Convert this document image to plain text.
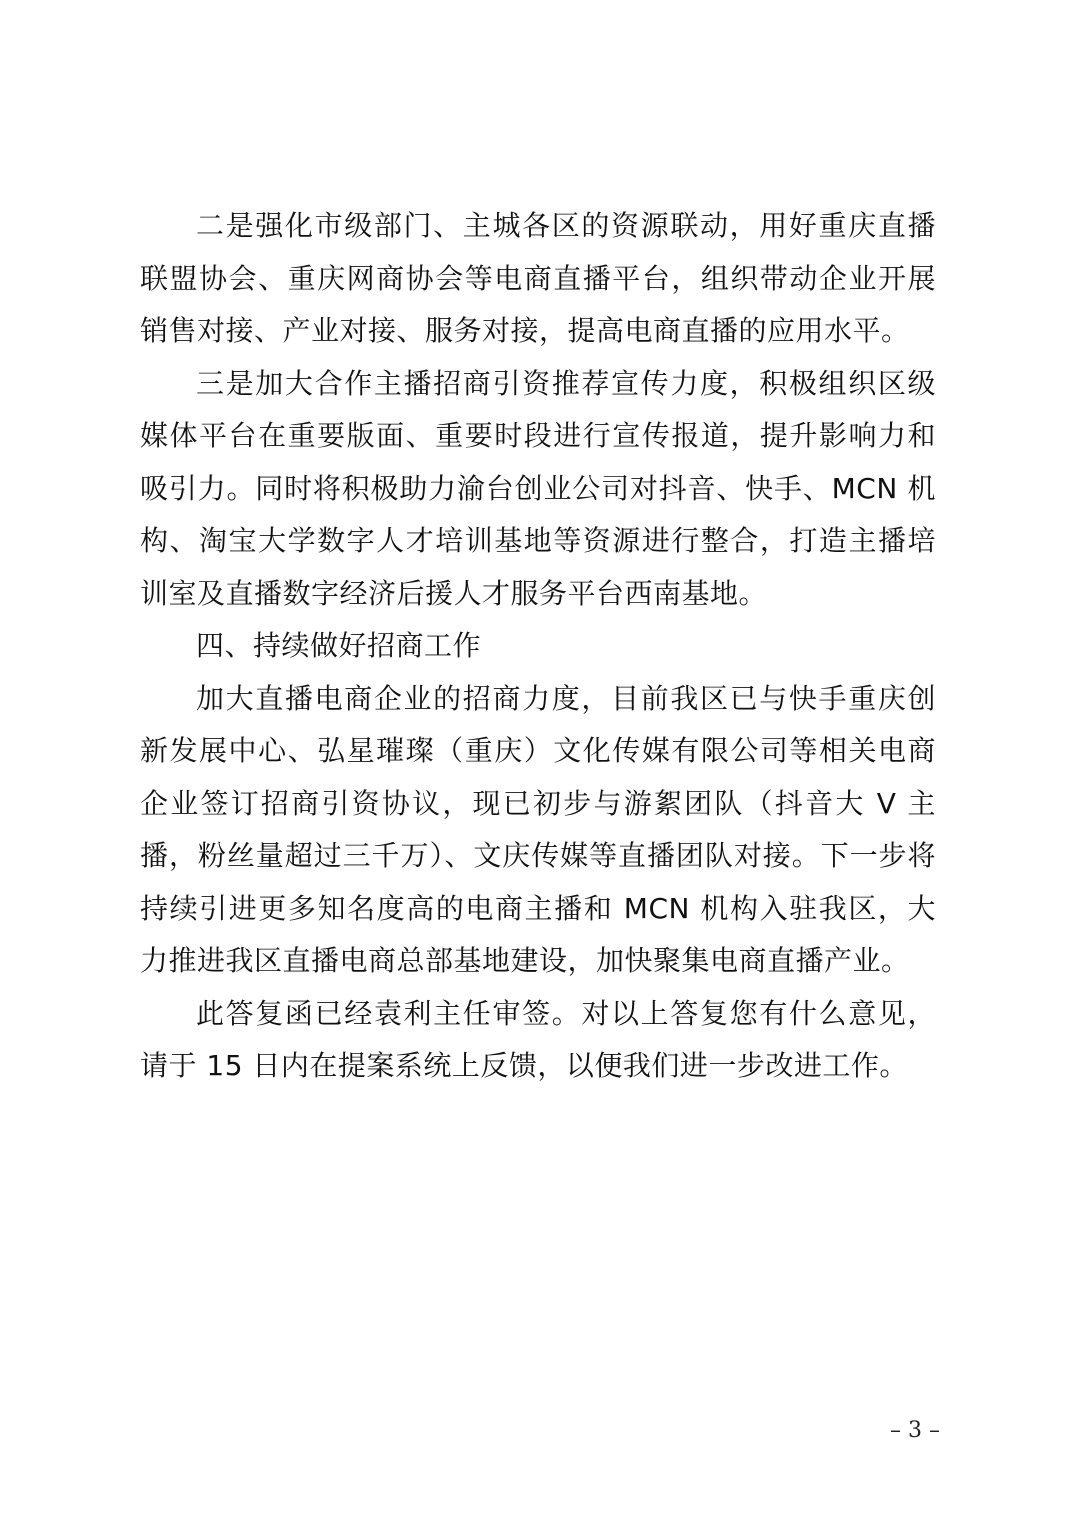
二是强化市级部门、主城各区的资源联动，用好重庆直播联盟协会、重庆网商协会等电商直播平台，组织带动企业开展销售对接、产业对接、服务对接，提高电商直播的应用水平。

三是加大合作主播招商引资推荐宣传力度，积极组织区级媒体平台在重要版面、重要时段进行宣传报道，提升影响力和吸引力。同时将积极助力渝台创业公司对抖音、快手、MCN 机构、淘宝大学数字人才培训基地等资源进行整合，打造主播培训室及直播数字经济后援人才服务平台西南基地。

四、持续做好招商工作

加大直播电商企业的招商力度，目前我区已与快手重庆创新发展中心、弘星璀璨（重庆）文化传媒有限公司等相关电商企业签订招商引资协议，现已初步与游絮团队（抖音大 V 主播，粉丝量超过三千万）、文庆传媒等直播团队对接。下一步将持续引进更多知名度高的电商主播和 MCN 机构入驻我区，大力推进我区直播电商总部基地建设，加快聚集电商直播产业。

此答复函已经袁利主任审签。对以上答复您有什么意见，请于 15 日内在提案系统上反馈，以便我们进一步改进工作。

– 3 –
